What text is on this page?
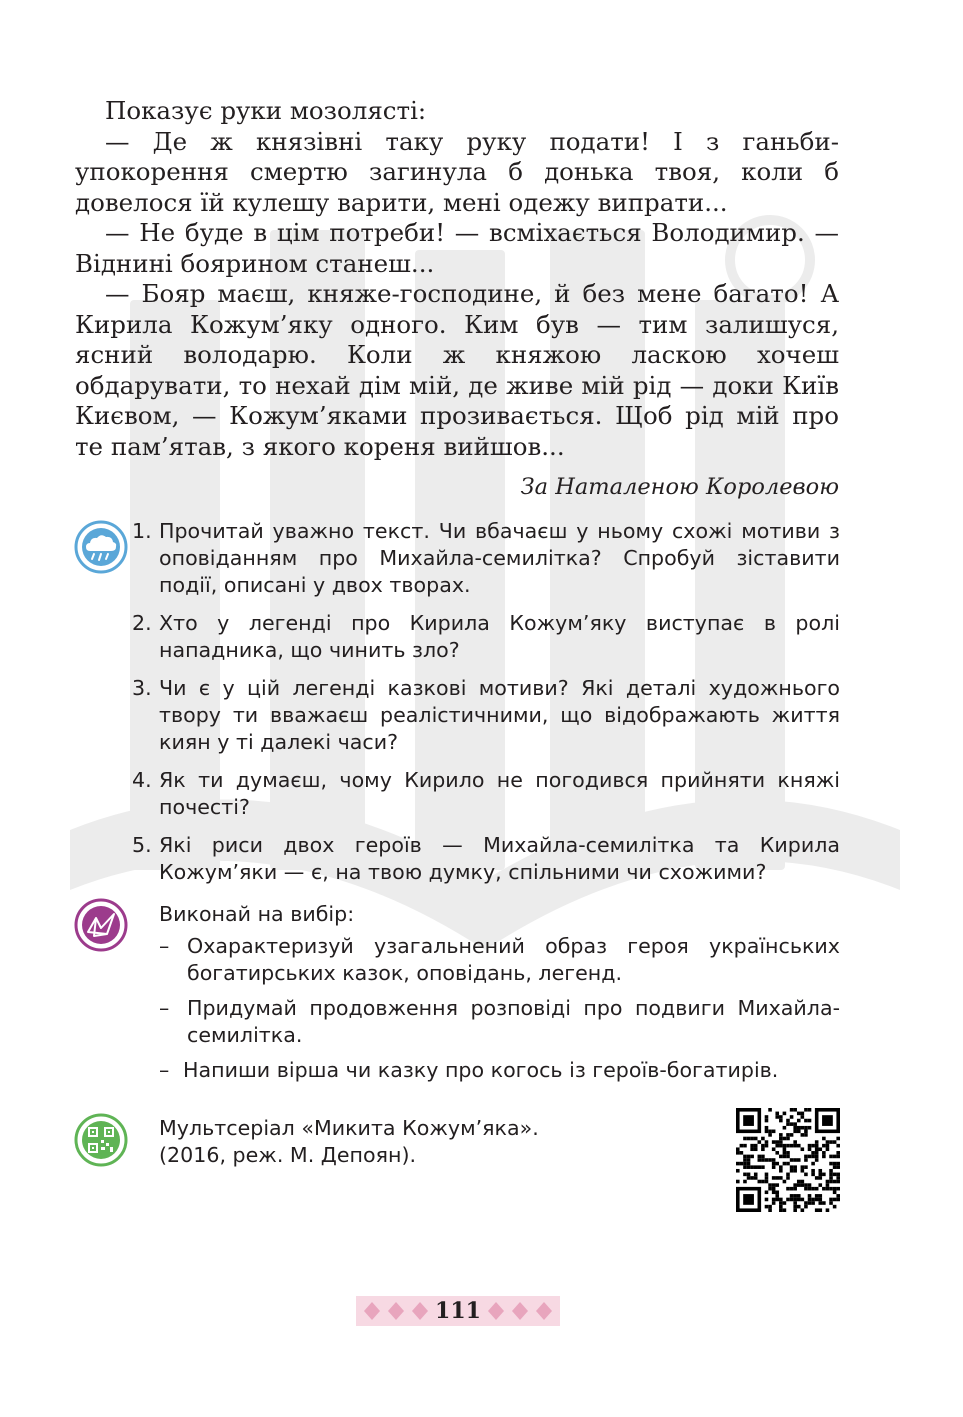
Показує руки мозолясті:

— Де ж князівні таку руку подати! І з ганьби-упокорення смертю загинула б донька твоя, коли б довелося їй кулешу варити, мені одежу випрати...

— Не буде в цім потреби! — всміхається Володимир. — Віднині боярином станеш...

— Бояр маєш, княже-господине, й без мене багато! А Кирила Кожум’яку одного. Ким був — тим залишуся, ясний володарю. Коли ж княжою ласкою хочеш обдарувати, то нехай дім мій, де живе мій рід — доки Київ Києвом, — Кожум’яками прозивається. Щоб рід мій про те пам’ятав, з якого кореня вийшов...

За Наталеною Королевою
1. Прочитай уважно текст. Чи вбачаєш у ньому схожі мотиви з оповіданням про Михайла-семилітка? Спробуй зіставити події, описані у двох творах.
2. Хто у легенді про Кирила Кожум’яку виступає в ролі нападника, що чинить зло?
3. Чи є у цій легенді казкові мотиви? Які деталі художнього твору ти вважаєш реалістичними, що відображають життя киян у ті далекі часи?
4. Як ти думаєш, чому Кирило не погодився прийняти княжі почесті?
5. Які риси двох героїв — Михайла-семилітка та Кирила Кожум’яки — є, на твою думку, спільними чи схожими?
Виконай на вибір:
– Охарактеризуй узагальнений образ героя українських богатирських казок, оповідань, легенд.
– Придумай продовження розповіді про подвиги Михайла-семилітка.
– Напиши вірша чи казку про когось із героїв-богатирів.
Мультсеріал «Микита Кожум’яка».
(2016, реж. М. Депоян).
111
